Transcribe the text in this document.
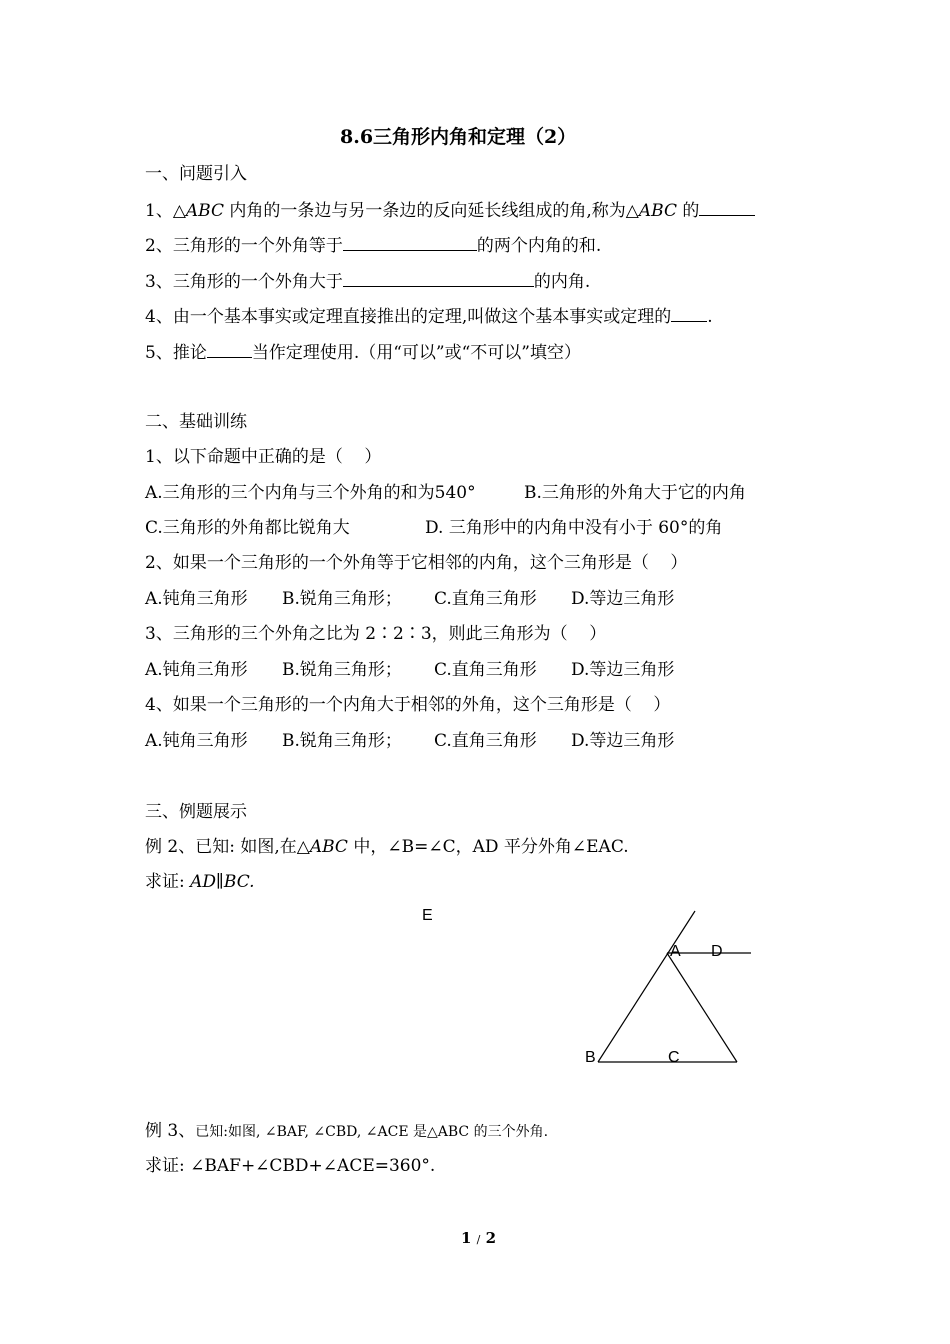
8.6三角形内角和定理（2）
一、问题引入
1、△ABC 内角的一条边与另一条边的反向延长线组成的角,称为△ABC 的
2、三角形的一个外角等于	的两个内角的和.
3、三角形的一个外角大于	的内角.
4、由一个基本事实或定理直接推出的定理,叫做这个基本事实或定理的 .
5、推论	当作定理使用.（用“可以”或“不可以”填空）
二、基础训练
1、以下命题中正确的是（    ）
A.三角形的三个内角与三个外角的和为540°	B.三角形的外角大于它的内角
C.三角形的外角都比锐角大	D. 三角形中的内角中没有小于 60°的角
2、如果一个三角形的一个外角等于它相邻的内角，这个三角形是（    ）
A.钝角三角形 B.锐角三角形； C.直角三角形 D.等边三角形
3、三角形的三个外角之比为 2∶2∶3，则此三角形为（    ）
A.钝角三角形 B.锐角三角形； C.直角三角形 D.等边三角形
4、如果一个三角形的一个内角大于相邻的外角，这个三角形是（    ）
A.钝角三角形 B.锐角三角形； C.直角三角形 D.等边三角形
三、例题展示
例 2、已知: 如图,在△ABC 中，∠B=∠C，AD 平分外角∠EAC.
求证: AD∥BC.
E
A D
B	C
例 3、已知:如图, ∠BAF, ∠CBD, ∠ACE 是△ABC 的三个外角.
求证: ∠BAF+∠CBD+∠ACE=360°.
1 / 2
